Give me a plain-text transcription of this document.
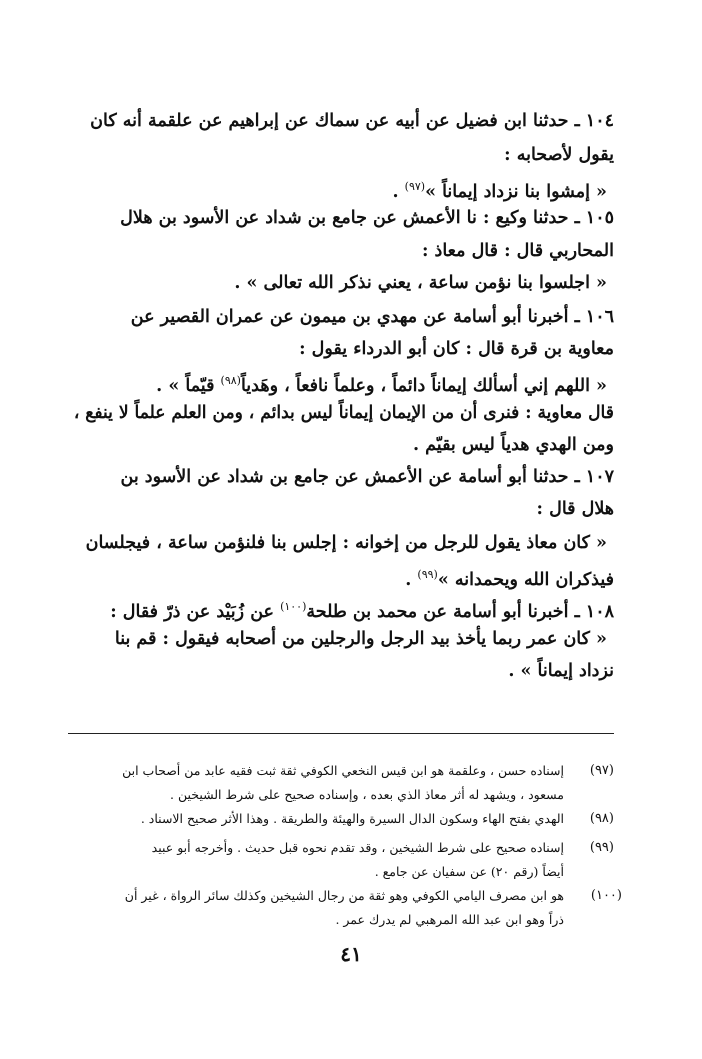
١٠٤ ـ حدثنا ابن فضيل عن أبيه عن سماك عن إبراهيم عن علقمة أنه كان
يقول لأصحابه :
« إمشوا بنا نزداد إيماناً »$^{(٩٧)}$ .
١٠٥ ـ حدثنا وكيع : نا الأعمش عن جامع بن شداد عن الأسود بن هلال
المحاربي قال : قال معاذ :
« اجلسوا بنا نؤمن ساعة ، يعني نذكر الله تعالى » .
١٠٦ ـ أخبرنا أبو أسامة عن مهدي بن ميمون عن عمران القصير عن
معاوية بن قرة قال : كان أبو الدرداء يقول :
« اللهم إني أسألك إيماناً دائماً ، وعلماً نافعاً ، وهَدياً$^{(٩٨)}$ قيّماً » .
قال معاوية : فنرى أن من الإيمان إيماناً ليس بدائم ، ومن العلم علماً لا ينفع ،
ومن الهدي هدياً ليس بقيّم .
١٠٧ ـ حدثنا أبو أسامة عن الأعمش عن جامع بن شداد عن الأسود بن
هلال قال :
« كان معاذ يقول للرجل من إخوانه : إجلس بنا فلنؤمن ساعة ، فيجلسان
فيذكران الله ويحمدانه »$^{(٩٩)}$ .
١٠٨ ـ أخبرنا أبو أسامة عن محمد بن طلحة$^{(١٠٠)}$ عن زُبَيْد عن ذرّ فقال :
« كان عمر ربما يأخذ بيد الرجل والرجلين من أصحابه فيقول : قم بنا
نزداد إيماناً » .
(٩٧)
إسناده حسن ، وعلقمة هو ابن قيس النخعي الكوفي ثقة ثبت فقيه عابد من أصحاب ابن
مسعود ، ويشهد له أثر معاذ الذي بعده ، وإسناده صحيح على شرط الشيخين .
(٩٨)
الهدي بفتح الهاء وسكون الدال السيرة والهيئة والطريقة . وهذا الأثر صحيح الاسناد .
(٩٩)
إسناده صحيح على شرط الشيخين ، وقد تقدم نحوه قبل حديث . وأخرجه أبو عبيد
أيضاً (رقم ٢٠) عن سفيان عن جامع .
(١٠٠)
هو ابن مصرف اليامي الكوفي وهو ثقة من رجال الشيخين وكذلك سائر الرواة ، غير أن
ذراً وهو ابن عبد الله المرهبي لم يدرك عمر .
٤١
